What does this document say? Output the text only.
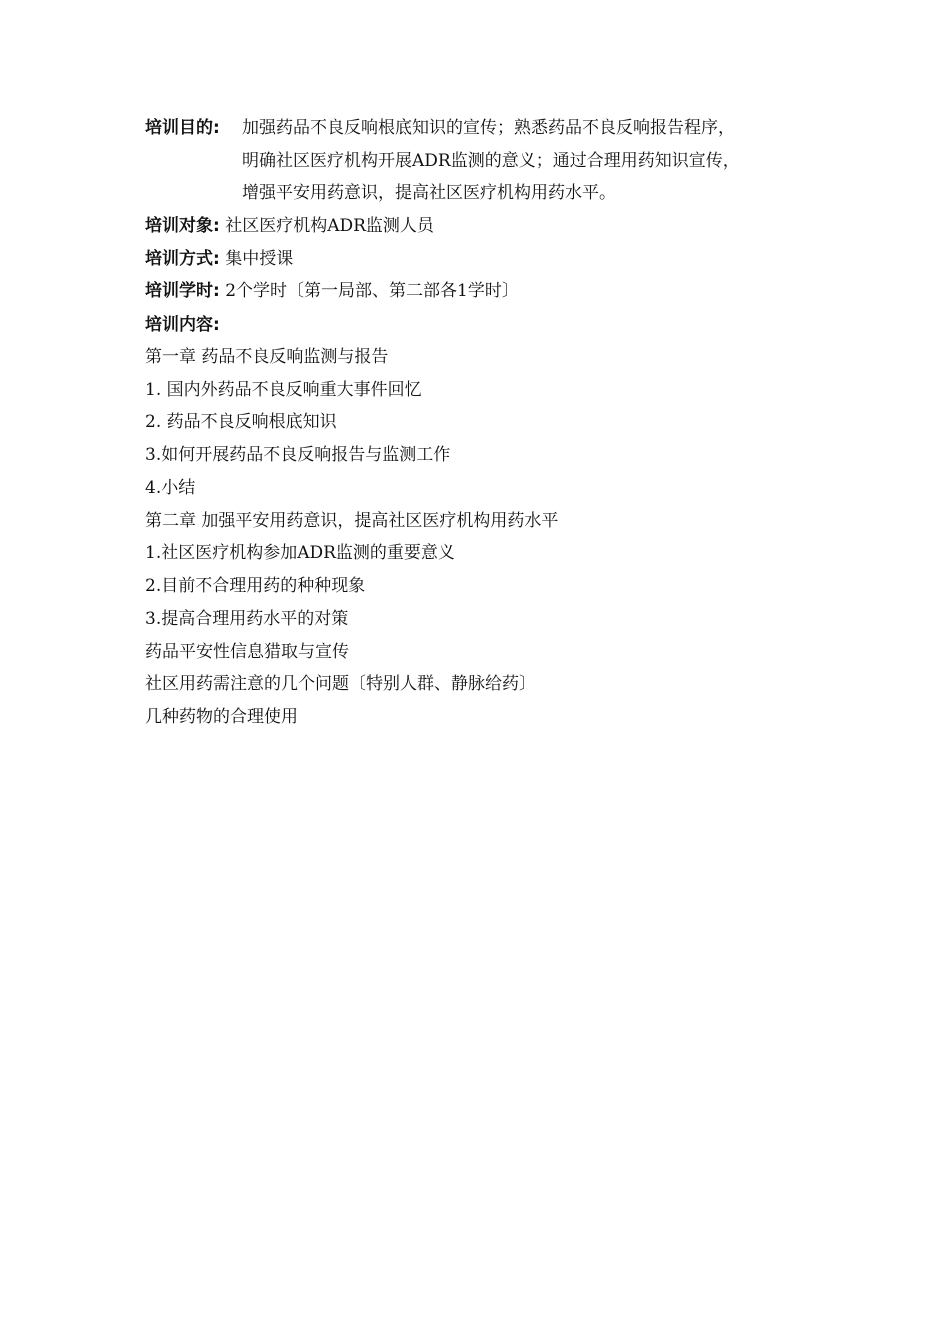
培训目的: 加强药品不良反响根底知识的宣传；熟悉药品不良反响报告程序，
明确社区医疗机构开展ADR监测的意义；通过合理用药知识宣传，
增强平安用药意识，提高社区医疗机构用药水平。
培训对象: 社区医疗机构ADR监测人员
培训方式: 集中授课
培训学时: 2个学时〔第一局部、第二部各1学时〕
培训内容:
第一章 药品不良反响监测与报告
1. 国内外药品不良反响重大事件回忆
2. 药品不良反响根底知识
3.如何开展药品不良反响报告与监测工作
4.小结
第二章 加强平安用药意识，提高社区医疗机构用药水平
1.社区医疗机构参加ADR监测的重要意义
2.目前不合理用药的种种现象
3.提高合理用药水平的对策
药品平安性信息猎取与宣传
社区用药需注意的几个问题〔特别人群、静脉给药〕
几种药物的合理使用
